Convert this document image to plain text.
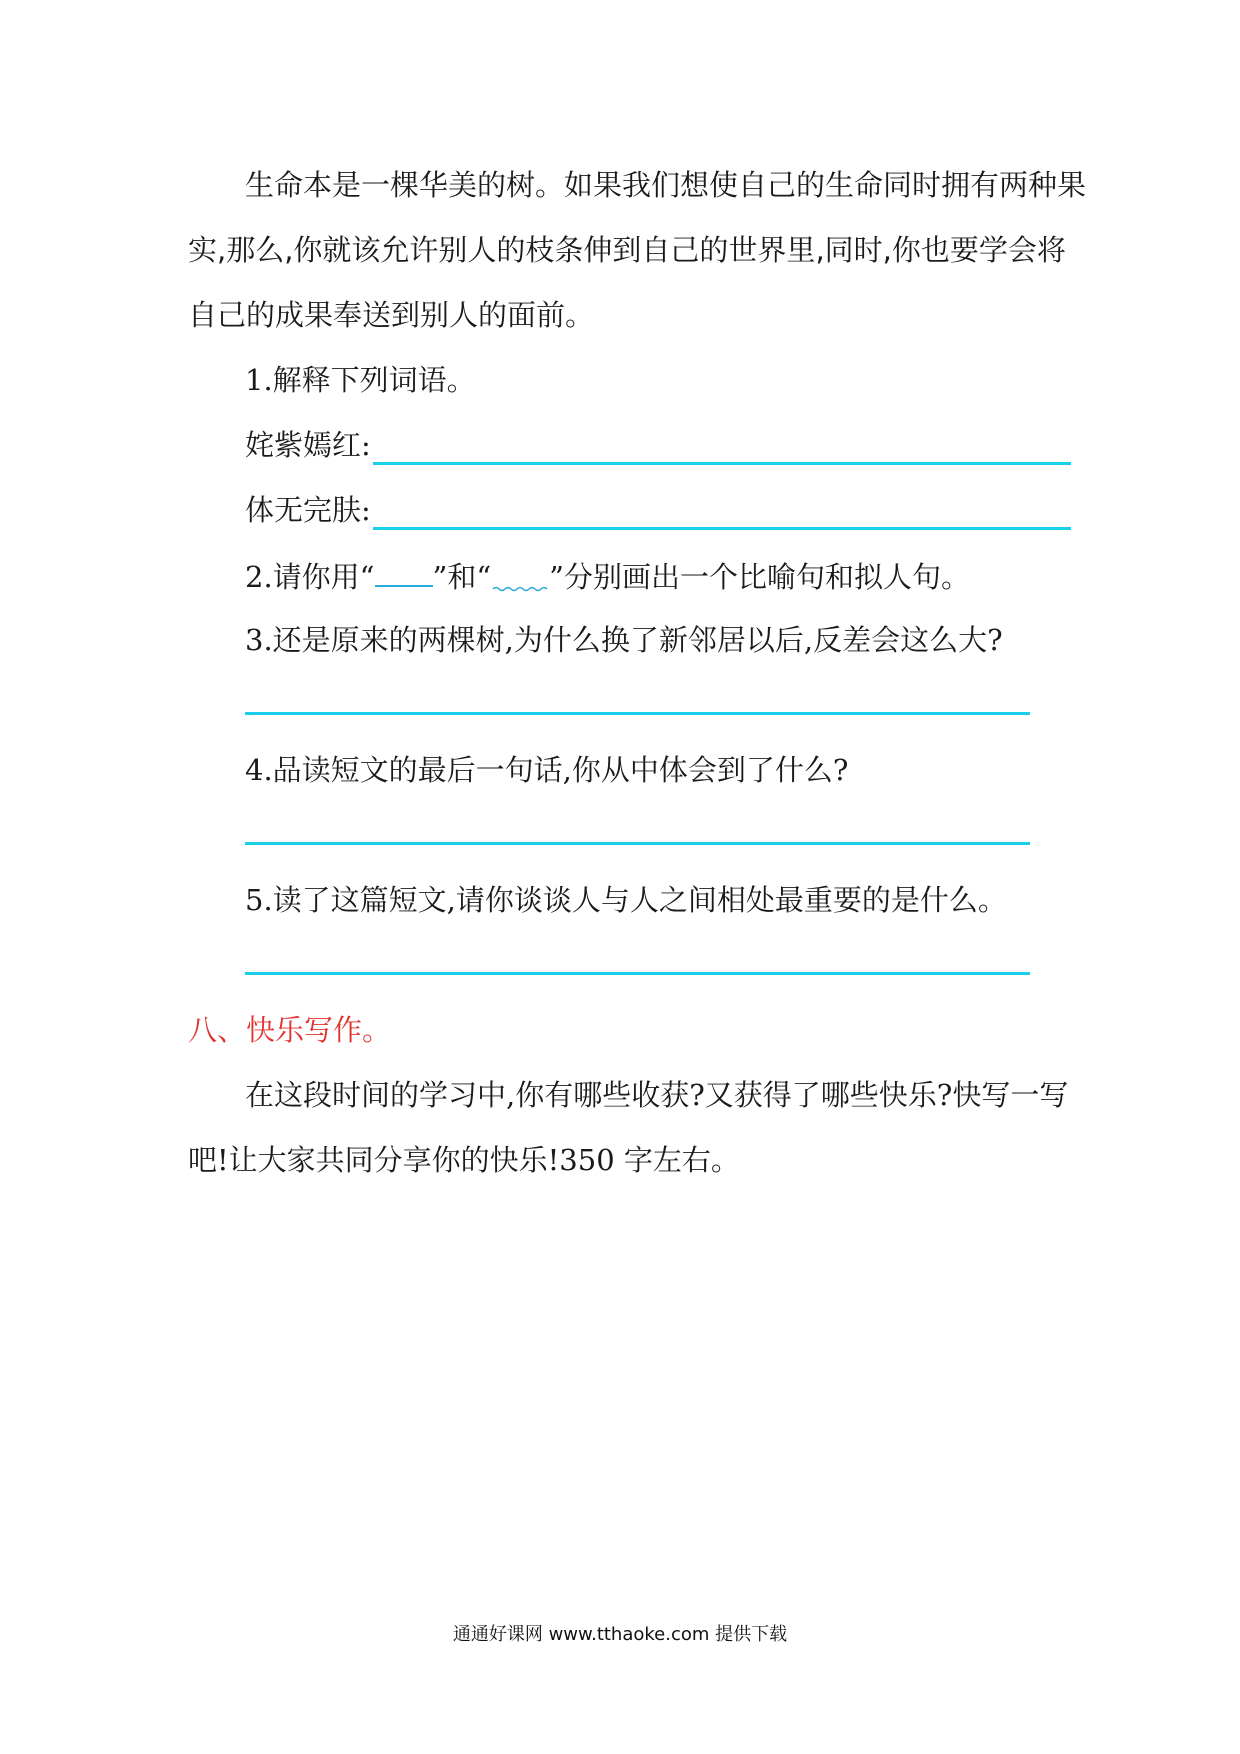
生命本是一棵华美的树。如果我们想使自己的生命同时拥有两种果
实,那么,你就该允许别人的枝条伸到自己的世界里,同时,你也要学会将
自己的成果奉送到别人的面前。
1.解释下列词语。
姹紫嫣红:
体无完肤:
2.请你用“ ”和“ ”分别画出一个比喻句和拟人句。
3.还是原来的两棵树,为什么换了新邻居以后,反差会这么大?
4.品读短文的最后一句话,你从中体会到了什么?
5.读了这篇短文,请你谈谈人与人之间相处最重要的是什么。
八、快乐写作。
在这段时间的学习中,你有哪些收获?又获得了哪些快乐?快写一写
吧!让大家共同分享你的快乐!350 字左右。
通通好课网 www.tthaoke.com 提供下载
